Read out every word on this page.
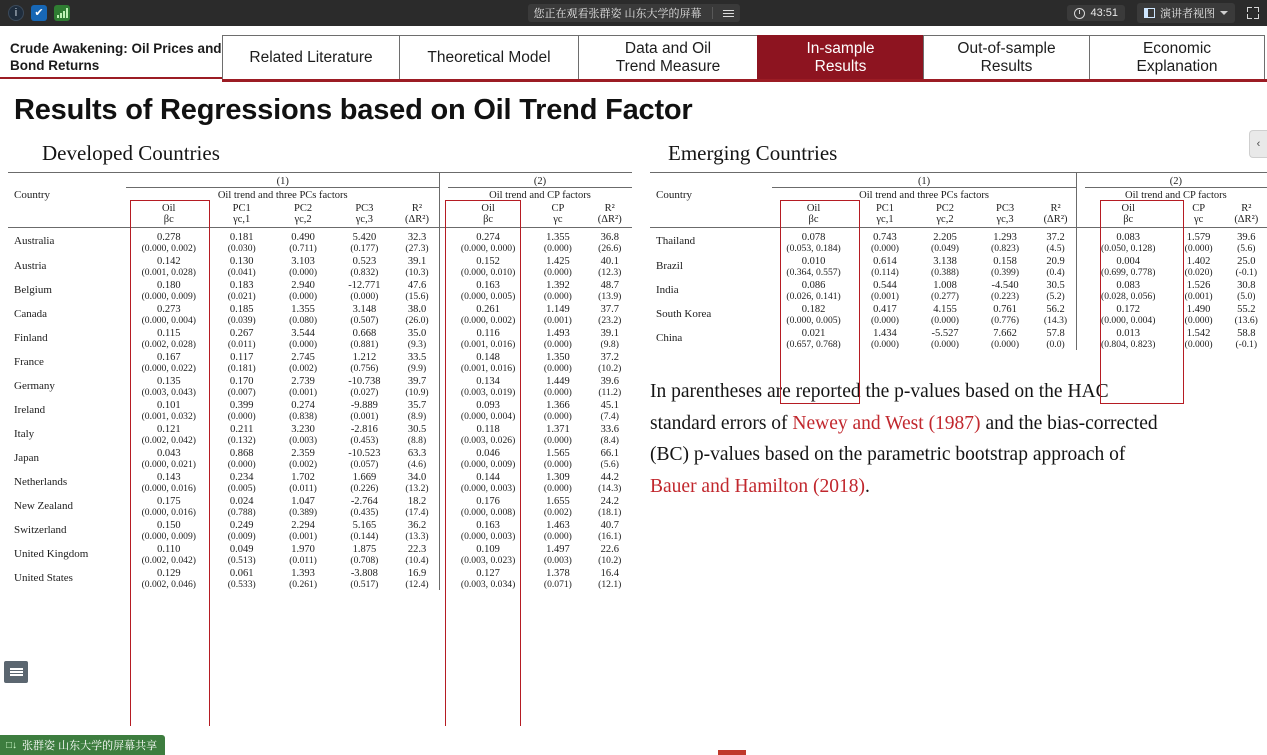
i	✔	您正在观看张群姿 山东大学的屏幕	43:51	演讲者视图
Crude Awakening: Oil Prices and Bond Returns	Related Literature	Theoretical Model
Data and Oil
Trend Measure
In-sample
Results
Out-of-sample
Results
Economic
Explanation
Results of Regressions based on Oil Trend Factor
Developed Countries
	(1)						(2)		
Country	Oil trend and three PCs factors						Oil trend and CP factors		
	Oil	PC1	PC2	PC3	R²		Oil	CP	R²
	βc	γc,1	γc,2	γc,3	(ΔR²)		βc	γc	(ΔR²)
Australia	0.278	0.181	0.490	5.420	32.3		0.274	1.355	36.8
	(0.000, 0.002)	(0.030)	(0.711)	(0.177)	(27.3)		(0.000, 0.000)	(0.000)	(26.6)
Austria	0.142	0.130	3.103	0.523	39.1		0.152	1.425	40.1
	(0.001, 0.028)	(0.041)	(0.000)	(0.832)	(10.3)		(0.000, 0.010)	(0.000)	(12.3)
Belgium	0.180	0.183	2.940	-12.771	47.6		0.163	1.392	48.7
	(0.000, 0.009)	(0.021)	(0.000)	(0.000)	(15.6)		(0.000, 0.005)	(0.000)	(13.9)
Canada	0.273	0.185	1.355	3.148	38.0		0.261	1.149	37.7
	(0.000, 0.004)	(0.039)	(0.080)	(0.507)	(26.0)		(0.000, 0.002)	(0.001)	(23.2)
Finland	0.115	0.267	3.544	0.668	35.0		0.116	1.493	39.1
	(0.002, 0.028)	(0.011)	(0.000)	(0.881)	(9.3)		(0.001, 0.016)	(0.000)	(9.8)
France	0.167	0.117	2.745	1.212	33.5		0.148	1.350	37.2
	(0.000, 0.022)	(0.181)	(0.002)	(0.756)	(9.9)		(0.001, 0.016)	(0.000)	(10.2)
Germany	0.135	0.170	2.739	-10.738	39.7		0.134	1.449	39.6
	(0.003, 0.043)	(0.007)	(0.001)	(0.027)	(10.9)		(0.003, 0.019)	(0.000)	(11.2)
Ireland	0.101	0.399	0.274	-9.889	35.7		0.093	1.366	45.1
	(0.001, 0.032)	(0.000)	(0.838)	(0.001)	(8.9)		(0.000, 0.004)	(0.000)	(7.4)
Italy	0.121	0.211	3.230	-2.816	30.5		0.118	1.371	33.6
	(0.002, 0.042)	(0.132)	(0.003)	(0.453)	(8.8)		(0.003, 0.026)	(0.000)	(8.4)
Japan	0.043	0.868	2.359	-10.523	63.3		0.046	1.565	66.1
	(0.000, 0.021)	(0.000)	(0.002)	(0.057)	(4.6)		(0.000, 0.009)	(0.000)	(5.6)
Netherlands	0.143	0.234	1.702	1.669	34.0		0.144	1.309	44.2
	(0.000, 0.016)	(0.005)	(0.011)	(0.226)	(13.2)		(0.000, 0.003)	(0.000)	(14.3)
New Zealand	0.175	0.024	1.047	-2.764	18.2		0.176	1.655	24.2
	(0.000, 0.016)	(0.788)	(0.389)	(0.435)	(17.4)		(0.000, 0.008)	(0.002)	(18.1)
Switzerland	0.150	0.249	2.294	5.165	36.2		0.163	1.463	40.7
	(0.000, 0.009)	(0.009)	(0.001)	(0.144)	(13.3)		(0.000, 0.003)	(0.000)	(16.1)
United Kingdom	0.110	0.049	1.970	1.875	22.3		0.109	1.497	22.6
	(0.002, 0.042)	(0.513)	(0.011)	(0.708)	(10.4)		(0.003, 0.023)	(0.003)	(10.2)
United States	0.129	0.061	1.393	-3.808	16.9		0.127	1.378	16.4
	(0.002, 0.046)	(0.533)	(0.261)	(0.517)	(12.4)		(0.003, 0.034)	(0.071)	(12.1)
Emerging Countries
	(1)						(2)		
Country	Oil trend and three PCs factors						Oil trend and CP factors		
	Oil	PC1	PC2	PC3	R²		Oil	CP	R²
	βc	γc,1	γc,2	γc,3	(ΔR²)		βc	γc	(ΔR²)
Thailand	0.078	0.743	2.205	1.293	37.2		0.083	1.579	39.6
	(0.053, 0.184)	(0.000)	(0.049)	(0.823)	(4.5)		(0.050, 0.128)	(0.000)	(5.6)
Brazil	0.010	0.614	3.138	0.158	20.9		0.004	1.402	25.0
	(0.364, 0.557)	(0.114)	(0.388)	(0.399)	(0.4)		(0.699, 0.778)	(0.020)	(-0.1)
India	0.086	0.544	1.008	-4.540	30.5		0.083	1.526	30.8
	(0.026, 0.141)	(0.001)	(0.277)	(0.223)	(5.2)		(0.028, 0.056)	(0.001)	(5.0)
South Korea	0.182	0.417	4.155	0.761	56.2		0.172	1.490	55.2
	(0.000, 0.005)	(0.000)	(0.000)	(0.776)	(14.3)		(0.000, 0.004)	(0.000)	(13.6)
China	0.021	1.434	-5.527	7.662	57.8		0.013	1.542	58.8
	(0.657, 0.768)	(0.000)	(0.000)	(0.000)	(0.0)		(0.804, 0.823)	(0.000)	(-0.1)
In parentheses are reported the p-values based on the HAC
standard errors of Newey and West (1987) and the bias-corrected
(BC) p-values based on the parametric bootstrap approach of
Bauer and Hamilton (2018).
‹
□↓ 张群姿 山东大学的屏幕共享
